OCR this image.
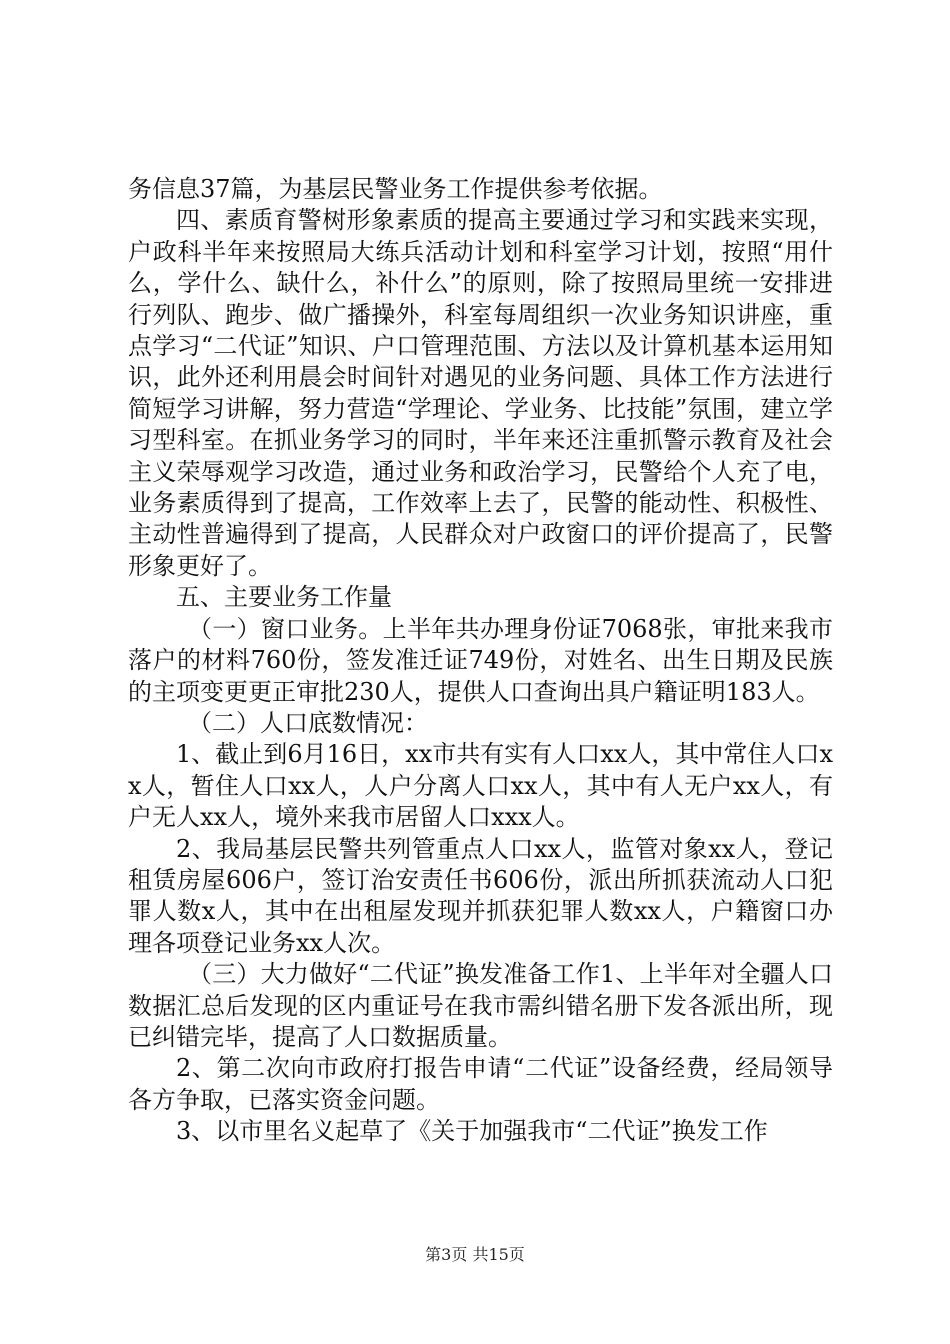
务信息37篇，为基层民警业务工作提供参考依据。

四、素质育警树形象素质的提高主要通过学习和实践来实现，户政科半年来按照局大练兵活动计划和科室学习计划，按照“用什么，学什么、缺什么，补什么”的原则，除了按照局里统一安排进行列队、跑步、做广播操外，科室每周组织一次业务知识讲座，重点学习“二代证”知识、户口管理范围、方法以及计算机基本运用知识，此外还利用晨会时间针对遇见的业务问题、具体工作方法进行简短学习讲解，努力营造“学理论、学业务、比技能”氛围，建立学习型科室。在抓业务学习的同时，半年来还注重抓警示教育及社会主义荣辱观学习改造，通过业务和政治学习，民警给个人充了电，业务素质得到了提高，工作效率上去了，民警的能动性、积极性、主动性普遍得到了提高，人民群众对户政窗口的评价提高了，民警形象更好了。

五、主要业务工作量

（一）窗口业务。上半年共办理身份证7068张，审批来我市落户的材料760份，签发准迁证749份，对姓名、出生日期及民族的主项变更更正审批230人，提供人口查询出具户籍证明183人。

（二）人口底数情况：

1、截止到6月16日，xx市共有实有人口xx人，其中常住人口xx人，暂住人口xx人，人户分离人口xx人，其中有人无户xx人，有户无人xx人，境外来我市居留人口xxx人。

2、我局基层民警共列管重点人口xx人，监管对象xx人，登记租赁房屋606户，签订治安责任书606份，派出所抓获流动人口犯罪人数x人，其中在出租屋发现并抓获犯罪人数xx人，户籍窗口办理各项登记业务xx人次。

（三）大力做好“二代证”换发准备工作1、上半年对全疆人口数据汇总后发现的区内重证号在我市需纠错名册下发各派出所，现已纠错完毕，提高了人口数据质量。

2、第二次向市政府打报告申请“二代证”设备经费，经局领导各方争取，已落实资金问题。

3、以市里名义起草了《关于加强我市“二代证”换发工作

第3页 共15页
